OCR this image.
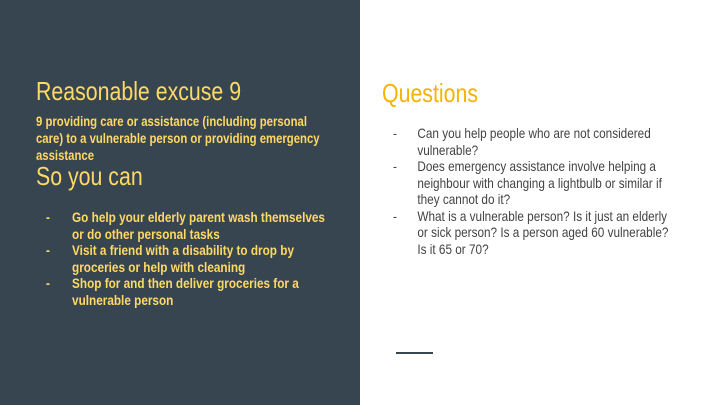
Reasonable excuse 9
9 providing care or assistance (including personal care) to a vulnerable person or providing emergency assistance
So you can
- Go help your elderly parent wash themselves or do other personal tasks
- Visit a friend with a disability to drop by groceries or help with cleaning
- Shop for and then deliver groceries for a vulnerable person
Questions
- Can you help people who are not considered vulnerable?
- Does emergency assistance involve helping a neighbour with changing a lightbulb or similar if they cannot do it?
- What is a vulnerable person? Is it just an elderly or sick person? Is a person aged 60 vulnerable? Is it 65 or 70?
